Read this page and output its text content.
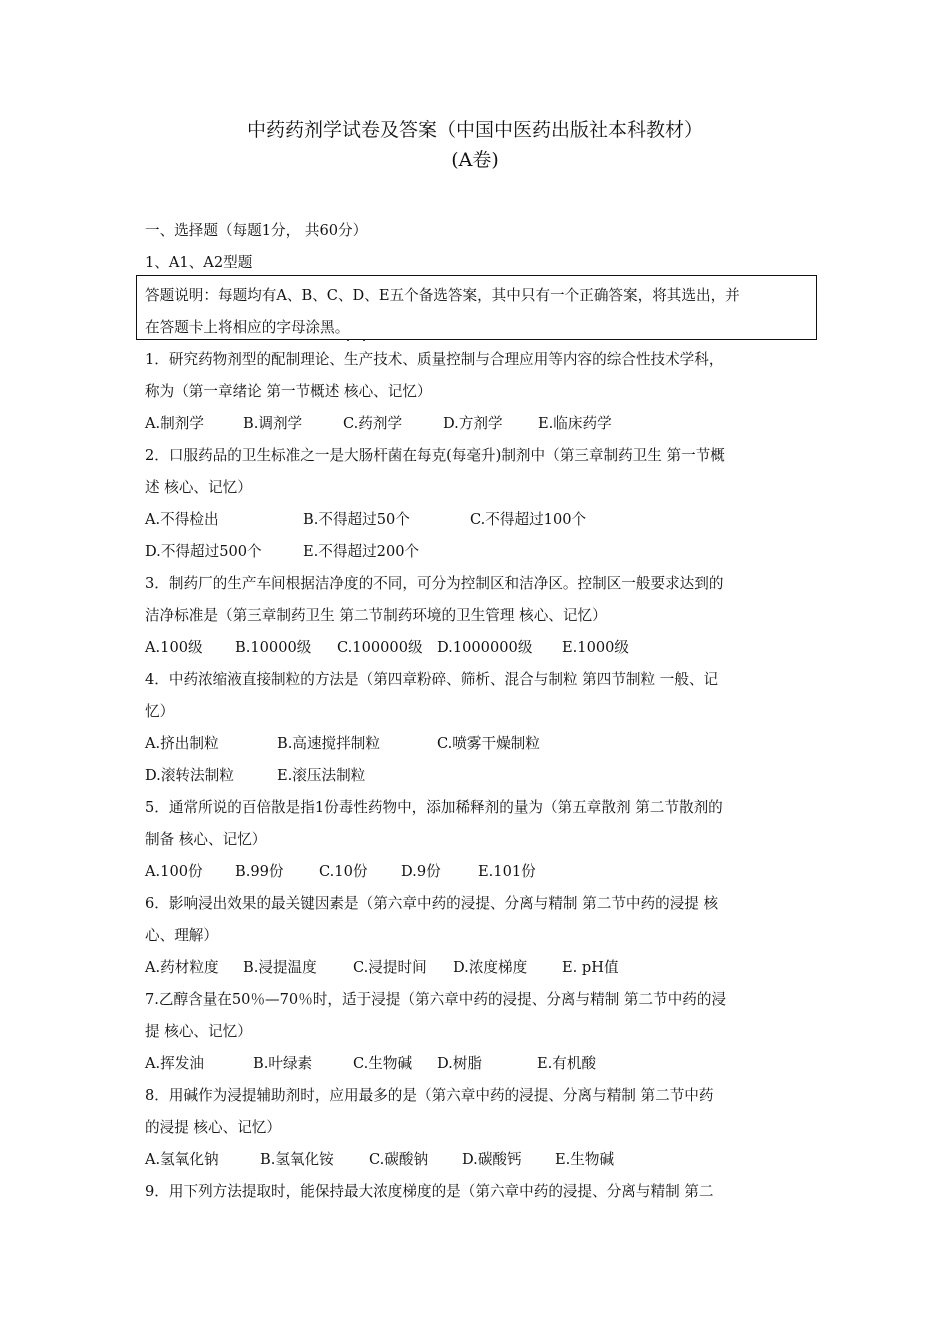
中药药剂学试卷及答案（中国中医药出版社本科教材）
(A卷)
一、选择题（每题1分， 共60分）
1、A1、A2型题
答题说明：每题均有A、B、C、D、E五个备选答案，其中只有一个正确答案，将其选出，并
在答题卡上将相应的字母涂黑。
1．研究药物剂型的配制理论、生产技术、质量控制与合理应用等内容的综合性技术学科，
称为（第一章绪论 第一节概述 核心、记忆）
A.制剂学	B.调剂学	C.药剂学	D.方剂学 E.临床药学
2．口服药品的卫生标准之一是大肠杆菌在每克(每毫升)制剂中（第三章制药卫生 第一节概
述 核心、记忆）
A.不得检出	B.不得超过50个	C.不得超过100个
D.不得超过500个	E.不得超过200个
3．制药厂的生产车间根据洁净度的不同，可分为控制区和洁净区。控制区一般要求达到的
洁净标准是（第三章制药卫生 第二节制药环境的卫生管理 核心、记忆）
A.100级 B.10000级 C.100000级 D.1000000级 E.1000级
4．中药浓缩液直接制粒的方法是（第四章粉碎、筛析、混合与制粒 第四节制粒 一般、记
忆）
A.挤出制粒	B.高速搅拌制粒	C.喷雾干燥制粒
D.滚转法制粒	E.滚压法制粒
5．通常所说的百倍散是指1份毒性药物中，添加稀释剂的量为（第五章散剂 第二节散剂的
制备 核心、记忆）
A.100份 B.99份 C.10份 D.9份	E.101份
6．影响浸出效果的最关键因素是（第六章中药的浸提、分离与精制 第二节中药的浸提 核
心、理解）
A.药材粒度 B.浸提温度 C.浸提时间 D.浓度梯度 E. pH值
7.乙醇含量在50％—70％时，适于浸提（第六章中药的浸提、分离与精制 第二节中药的浸
提 核心、记忆）
A.挥发油	B.叶绿素	C.生物碱 D.树脂	E.有机酸
8．用碱作为浸提辅助剂时，应用最多的是（第六章中药的浸提、分离与精制 第二节中药
的浸提 核心、记忆）
A.氢氧化钠	B.氢氧化铵 C.碳酸钠 D.碳酸钙 E.生物碱
9．用下列方法提取时，能保持最大浓度梯度的是（第六章中药的浸提、分离与精制 第二
